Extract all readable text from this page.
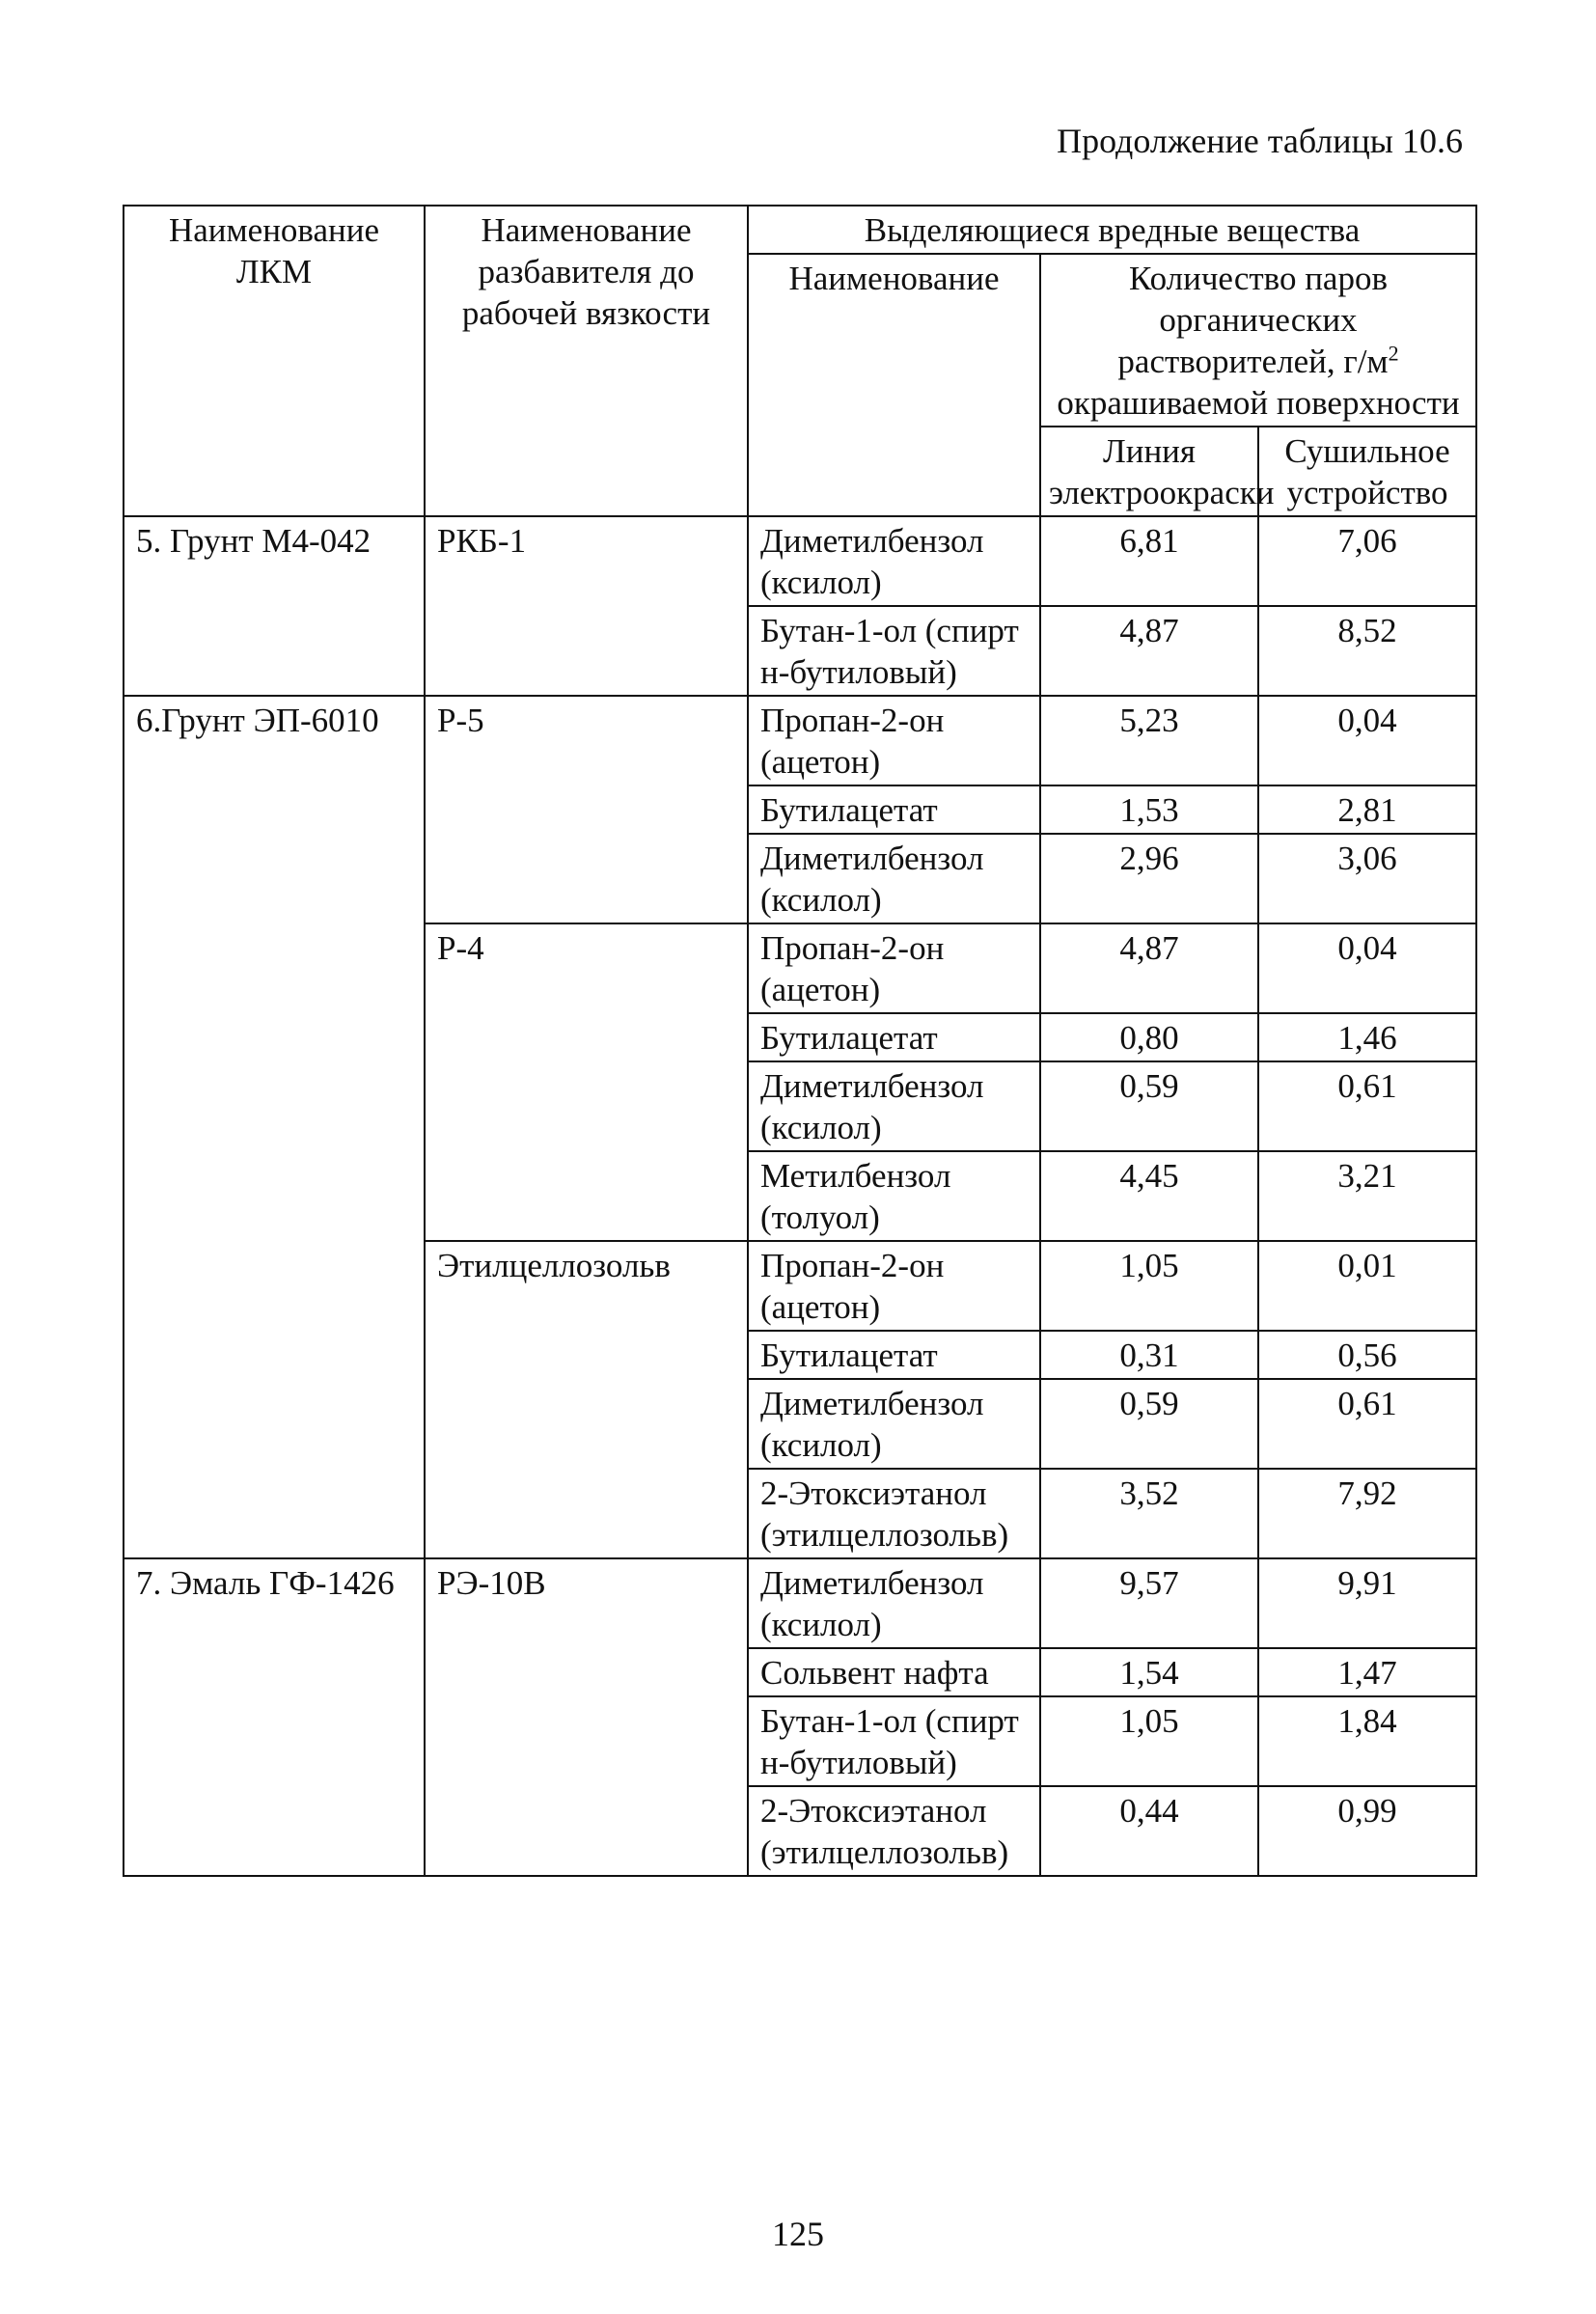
Продолжение таблицы 10.6
Наименование ЛКМ	Наименование разбавителя до рабочей вязкости	Выделяющиеся вредные вещества		
		Наименование	Количество паров органических растворителей, $г/м^2$ окрашиваемой поверхности	
			Линия электроокраски	Сушильное устройство
5. Грунт М4-042	РКБ-1	Диметилбензол (ксилол)	6,81	7,06
		Бутан-1-ол (спирт н-бутиловый)	4,87	8,52
6.Грунт ЭП-6010	Р-5	Пропан-2-он (ацетон)	5,23	0,04
		Бутилацетат	1,53	2,81
		Диметилбензол (ксилол)	2,96	3,06
	Р-4	Пропан-2-он (ацетон)	4,87	0,04
		Бутилацетат	0,80	1,46
		Диметилбензол (ксилол)	0,59	0,61
		Метилбензол (толуол)	4,45	3,21
	Этилцеллозольв	Пропан-2-он (ацетон)	1,05	0,01
		Бутилацетат	0,31	0,56
		Диметилбензол (ксилол)	0,59	0,61
		2-Этоксиэтанол (этилцеллозольв)	3,52	7,92
7. Эмаль ГФ-1426	РЭ-10В	Диметилбензол (ксилол)	9,57	9,91
		Сольвент нафта	1,54	1,47
		Бутан-1-ол (спирт н-бутиловый)	1,05	1,84
		2-Этоксиэтанол (этилцеллозольв)	0,44	0,99
125
